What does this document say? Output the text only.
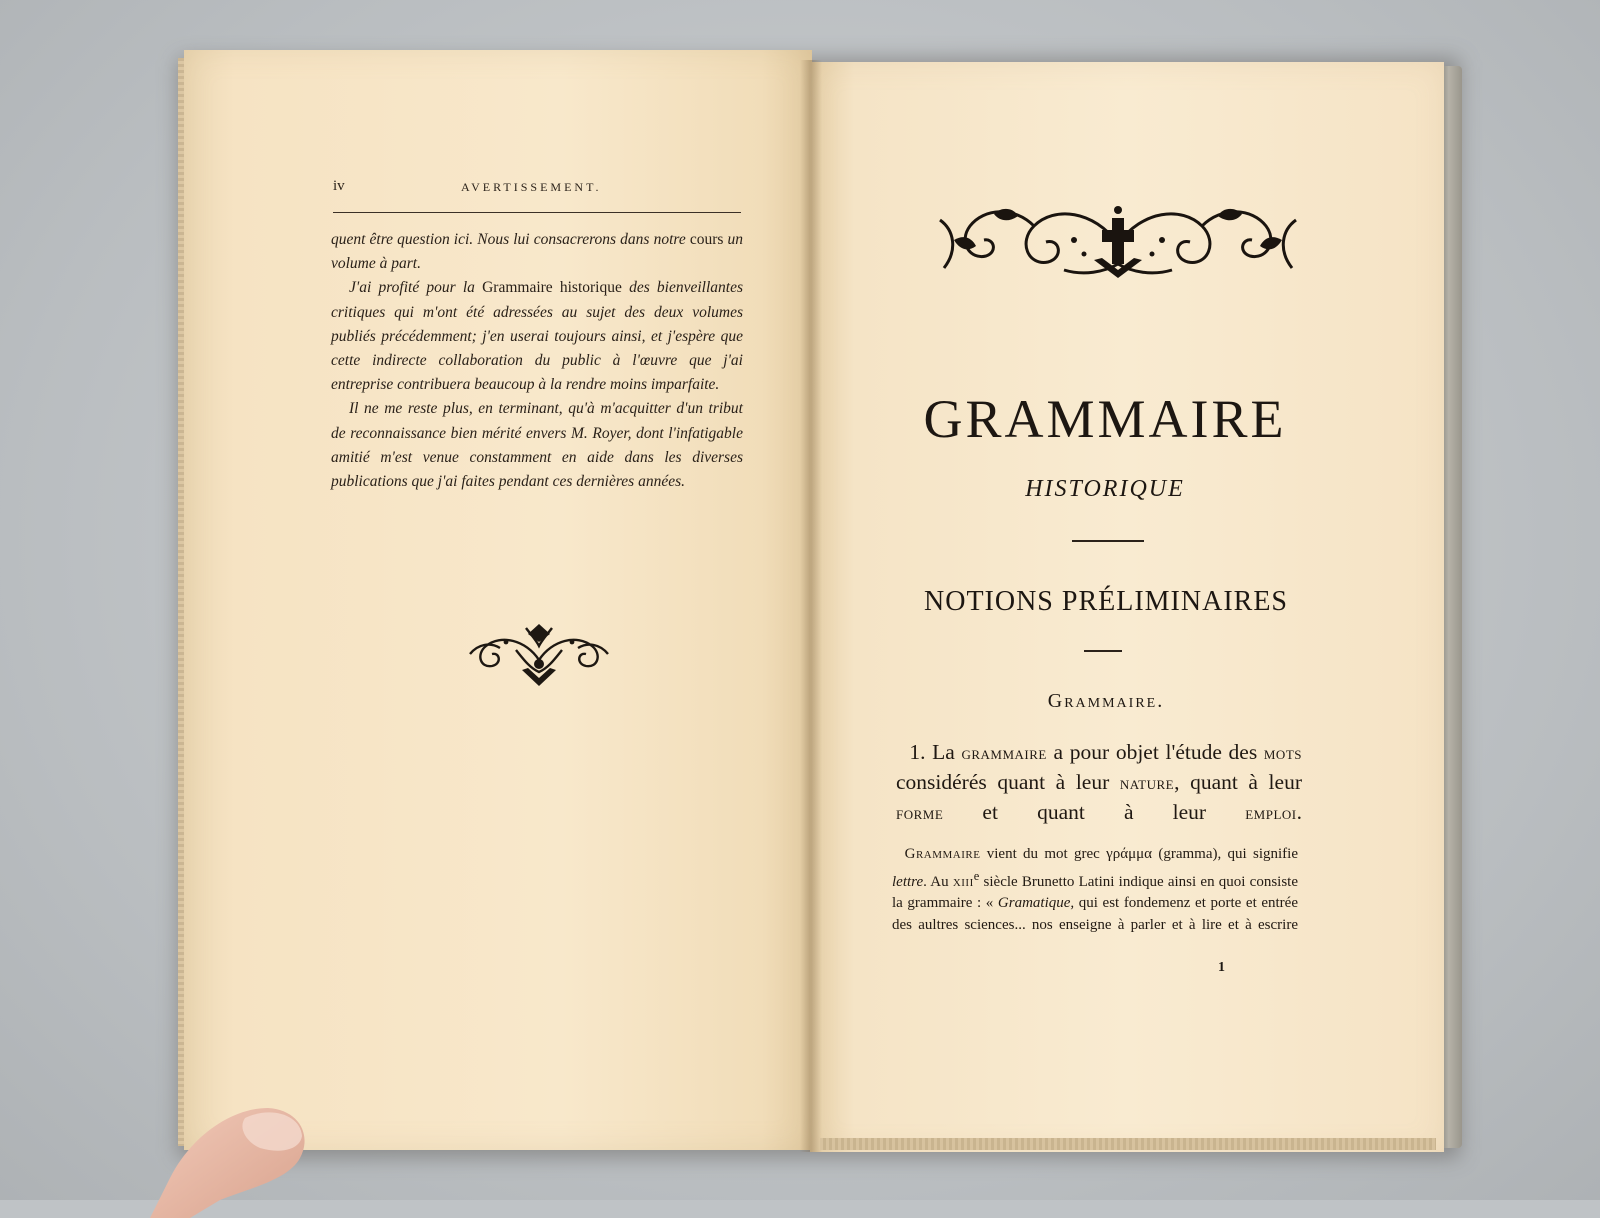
iv	AVERTISSEMENT.

quent être question ici. Nous lui consacrerons dans notre cours un volume à part.

J'ai profité pour la Grammaire historique des bienveillantes critiques qui m'ont été adressées au sujet des deux volumes publiés précédemment; j'en userai toujours ainsi, et j'espère que cette indirecte collaboration du public à l'œuvre que j'ai entreprise contribuera beaucoup à la rendre moins imparfaite.

Il ne me reste plus, en terminant, qu'à m'acquitter d'un tribut de reconnaissance bien mérité envers M. Royer, dont l'infatigable amitié m'est venue constamment en aide dans les diverses publications que j'ai faites pendant ces dernières années.

GRAMMAIRE
HISTORIQUE
NOTIONS PRÉLIMINAIRES
Grammaire.
1. La grammaire a pour objet l'étude des mots considérés quant à leur nature, quant à leur forme et quant à leur emploi.
Grammaire vient du mot grec γράμμα (gramma), qui signifie lettre. Au xiii$^e$ siècle Brunetto Latini indique ainsi en quoi consiste la grammaire : « Gramatique, qui est fondemenz et porte et entrée des aultres sciences... nos enseigne à parler et à lire et à escrire
1
